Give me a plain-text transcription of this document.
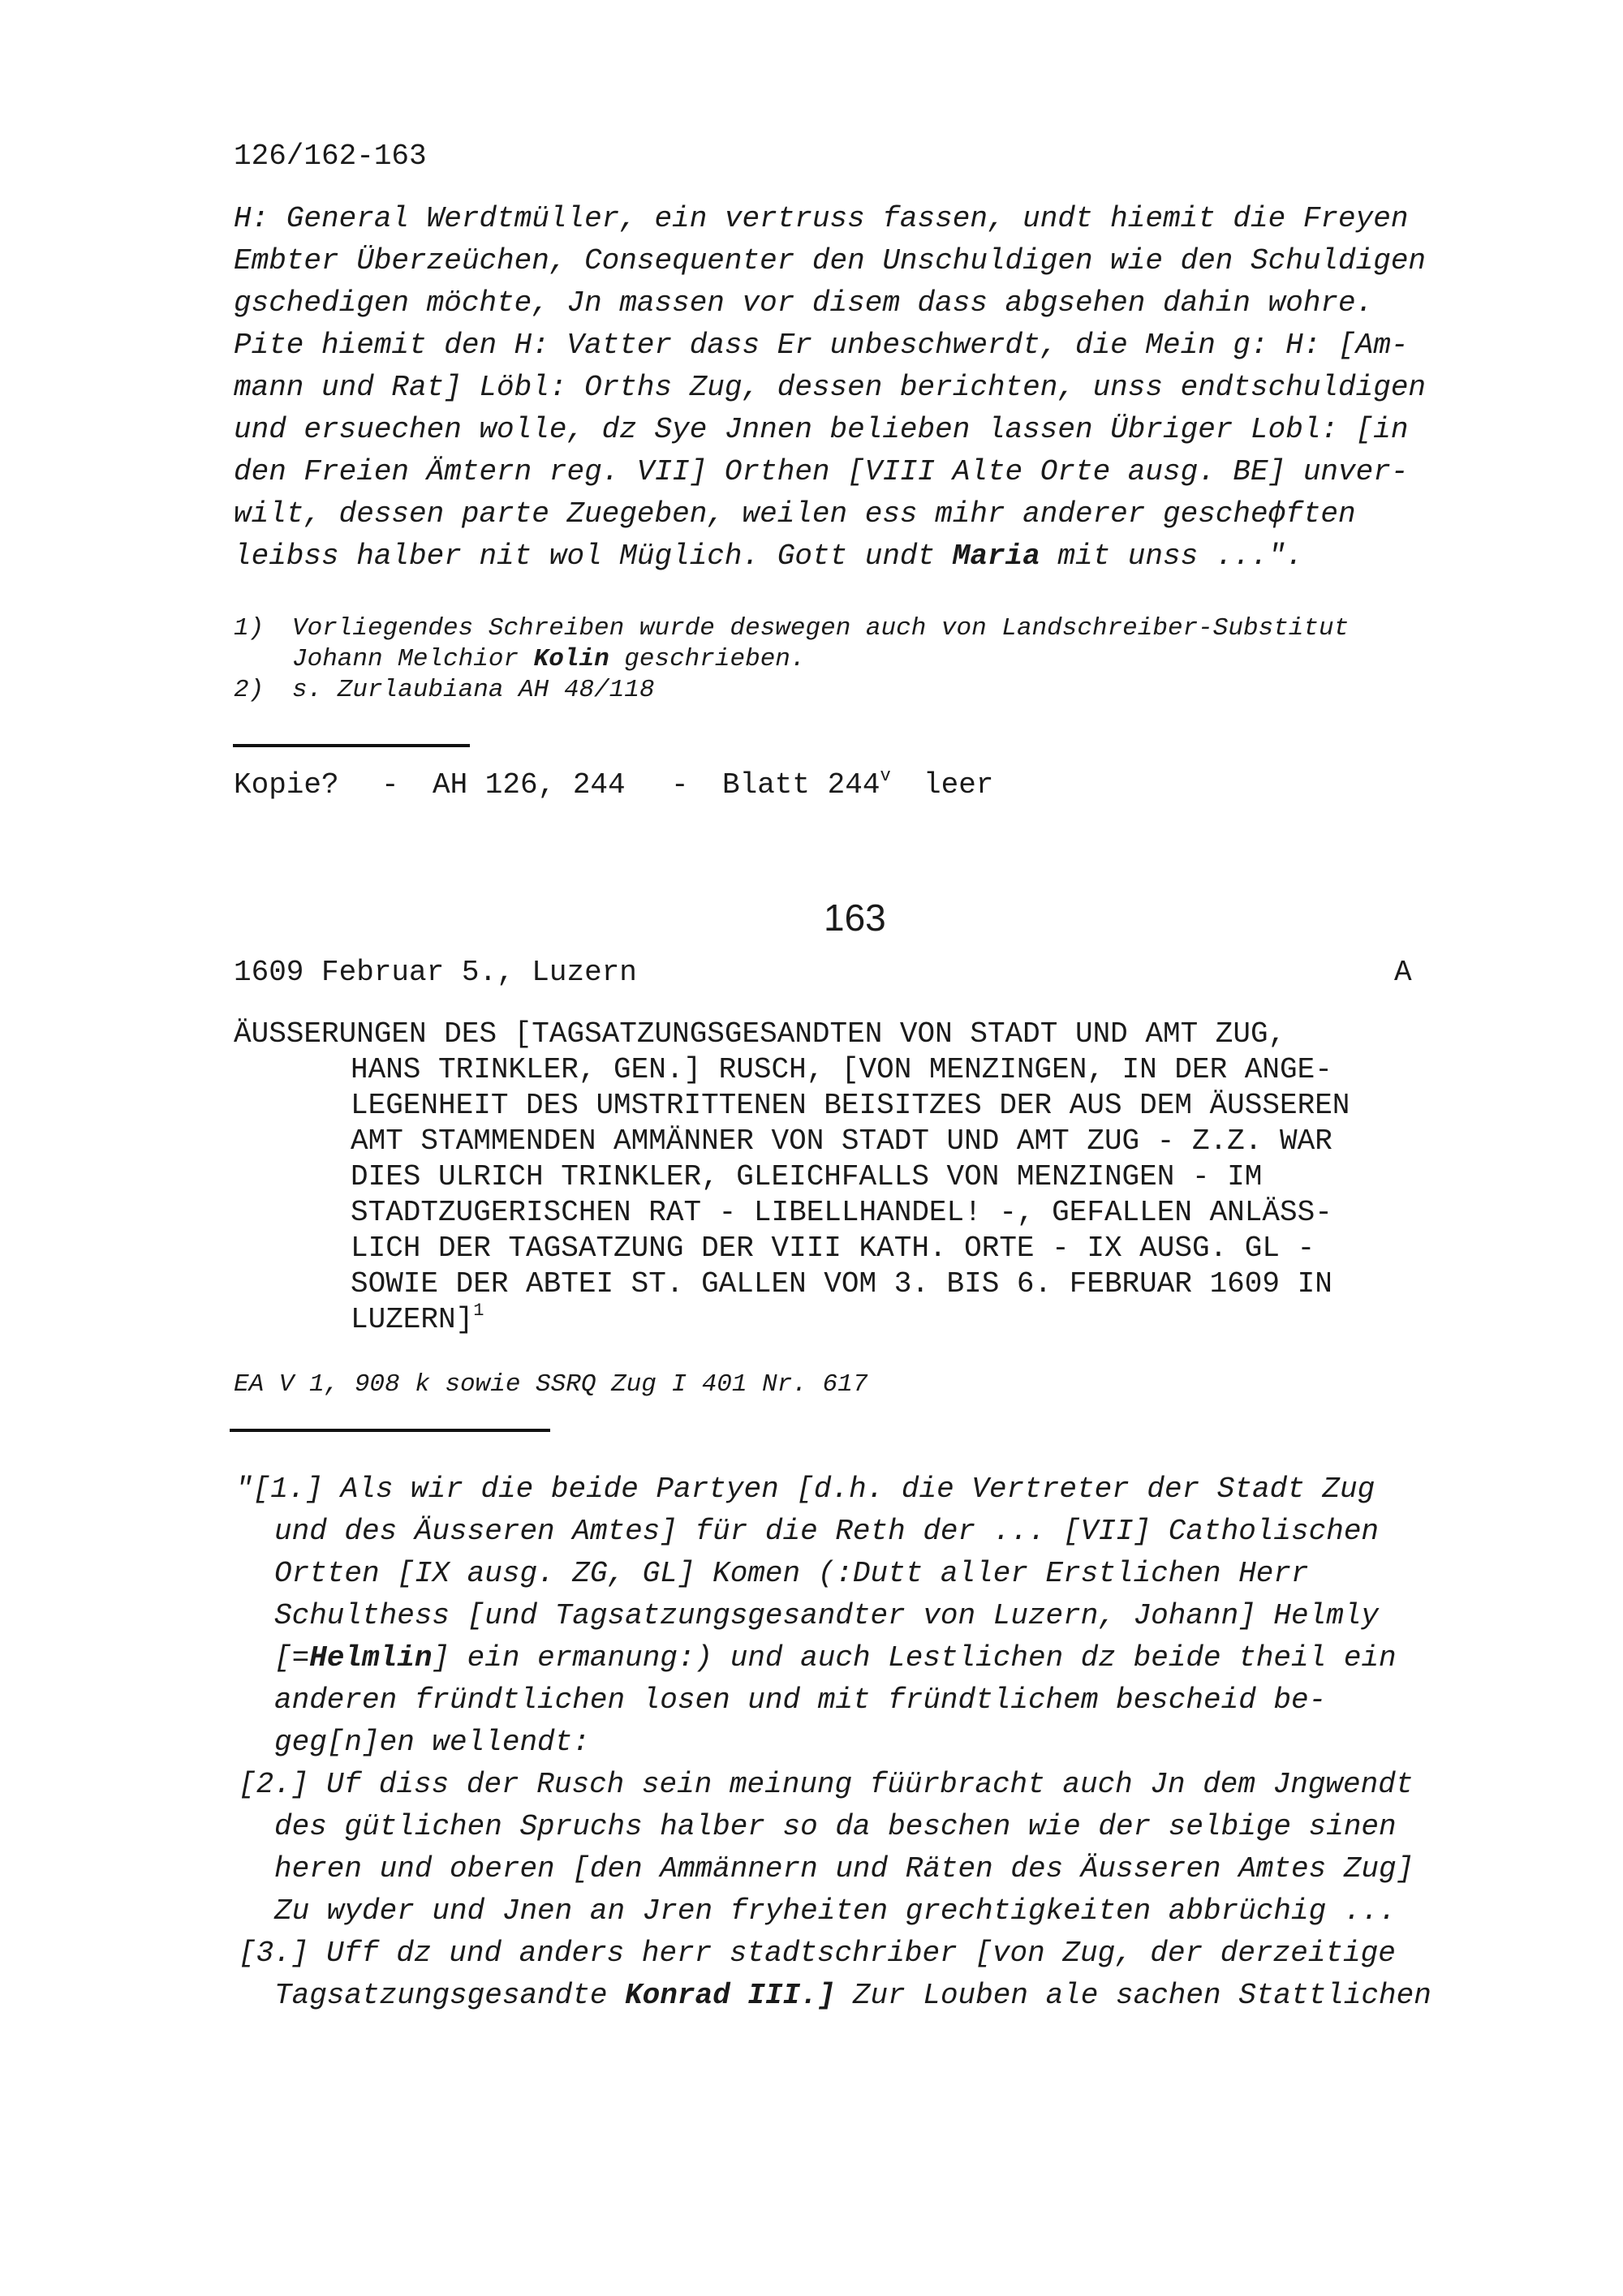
126/162-163
H: General Werdtmüller, ein vertruss fassen, undt hiemit die Freyen
Embter Überzeüchen, Consequenter den Unschuldigen wie den Schuldigen
gschedigen möchte, Jn massen vor disem dass abgsehen dahin wohre.
Pite hiemit den H: Vatter dass Er unbeschwerdt, die Mein g: H: [Am-
mann und Rat] Löbl: Orths Zug, dessen berichten, unss endtschuldigen
und ersuechen wolle, dz Sye Jnnen belieben lassen Übriger Lobl: [in
den Freien Ämtern reg. VII] Orthen [VIII Alte Orte ausg. BE] unver-
wilt, dessen parte Zuegeben, weilen ess mihr anderer gescheфften
leibss halber nit wol Müglich. Gott undt Maria mit unss ...".
1) Vorliegendes Schreiben wurde deswegen auch von Landschreiber-Substitut
Johann Melchior Kolin geschrieben.
2) s. Zurlaubiana AH 48/118
Kopie? - AH 126, 244 - Blatt 244$^v$ leer
163
1609 Februar 5., Luzern	A
ÄUSSERUNGEN DES [TAGSATZUNGSGESANDTEN VON STADT UND AMT ZUG,
HANS TRINKLER, GEN.] RUSCH, [VON MENZINGEN, IN DER ANGE-
LEGENHEIT DES UMSTRITTENEN BEISITZES DER AUS DEM ÄUSSEREN
AMT STAMMENDEN AMMÄNNER VON STADT UND AMT ZUG - Z.Z. WAR
DIES ULRICH TRINKLER, GLEICHFALLS VON MENZINGEN - IM
STADTZUGERISCHEN RAT - LIBELLHANDEL! -, GEFALLEN ANLÄSS-
LICH DER TAGSATZUNG DER VIII KATH. ORTE - IX AUSG. GL -
SOWIE DER ABTEI ST. GALLEN VOM 3. BIS 6. FEBRUAR 1609 IN
LUZERN]$^1$
EA V 1, 908 k sowie SSRQ Zug I 401 Nr. 617
"[1.] Als wir die beide Partyen [d.h. die Vertreter der Stadt Zug
und des Äusseren Amtes] für die Reth der ... [VII] Catholischen
Ortten [IX ausg. ZG, GL] Komen (:Dutt aller Erstlichen Herr
Schulthess [und Tagsatzungsgesandter von Luzern, Johann] Helmly
[=Helmlin] ein ermanung:) und auch Lestlichen dz beide theil ein
anderen fründtlichen losen und mit fründtlichem bescheid be-
geg[n]en wellendt:
[2.] Uf diss der Rusch sein meinung füürbracht auch Jn dem Jngwendt
des gütlichen Spruchs halber so da beschen wie der selbige sinen
heren und oberen [den Ammännern und Räten des Äusseren Amtes Zug]
Zu wyder und Jnen an Jren fryheiten grechtigkeiten abbrüchig ...
[3.] Uff dz und anders herr stadtschriber [von Zug, der derzeitige
Tagsatzungsgesandte Konrad III.] Zur Louben ale sachen Stattlichen
